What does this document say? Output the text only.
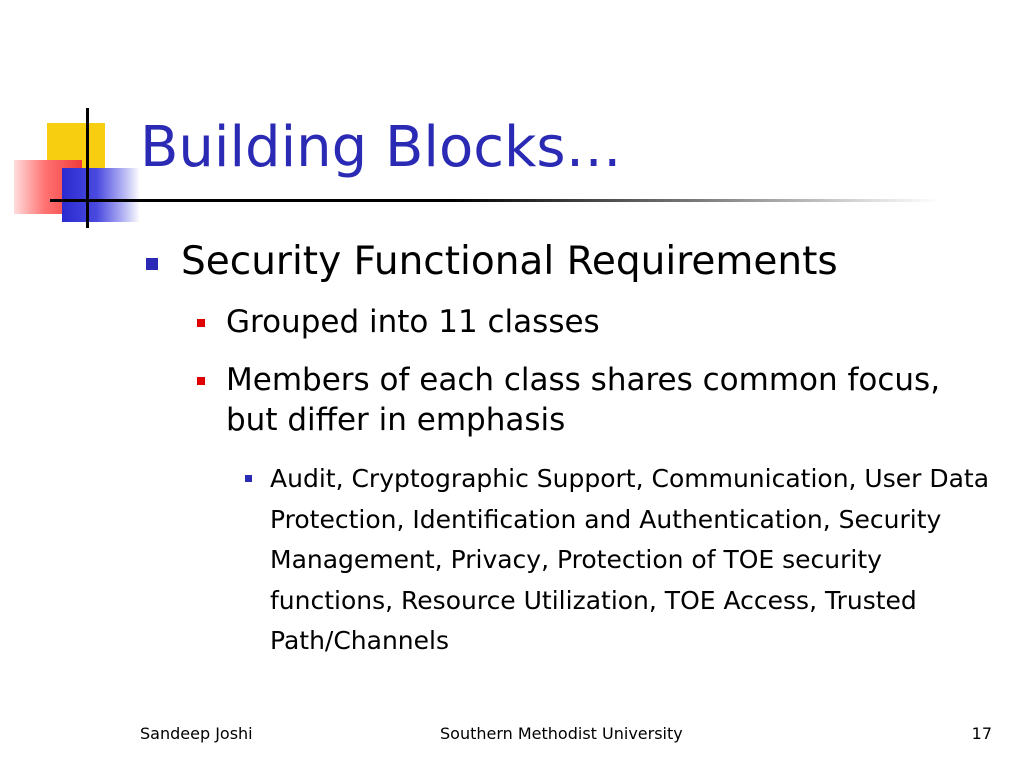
Building Blocks…
Security Functional Requirements
Grouped into 11 classes
Members of each class shares common focus, but differ in emphasis
Audit, Cryptographic Support, Communication, User Data Protection, Identification and Authentication, Security Management, Privacy, Protection of TOE security functions, Resource Utilization, TOE Access, Trusted Path/Channels
Sandeep Joshi	Southern Methodist University	17
